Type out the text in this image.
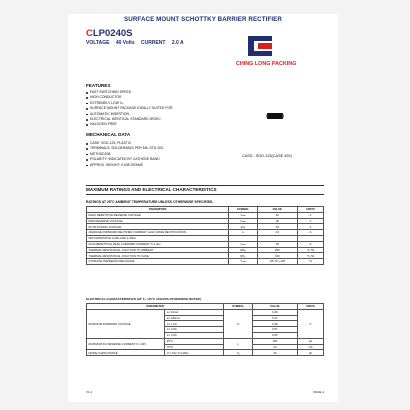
SURFACE MOUNT SCHOTTKY BARRIER RECTIFIER
CLP0240S
VOLTAGE 40 Volts CURRENT 2.0 A
CHING LONG PACKING
FEATURES
FAST SWITCHING SPEED
HIGH CONDUCTOR
EXTREMELY LOW Vₒ
SURFACE MOUNT PACKAGE IDEALLY SUITED FOR
AUTOMATIC INSERTION
ELECTRICAL IDENTICAL STANDARD JEDEC
HALOGEN-FREE
MECHANICAL DATA
CASE: SOD-123, PLASTIC
TERMINALS: SOLDERABLE PER MIL-STD-202,
METHOD208
POLARITY: INDICATED BY CATHODE BAND
APPROX. WEIGHT: 0.008 GRAMS
CASD : SOD-123(CASE 425)
MAXIMUM RATINGS AND ELECTRICAL CHARACTERISTICS
RATINGS AT 25°C AMBIENT TEMPERATURE UNLESS OTHERWISE SPECIFIED.
PARAMETER	SYMBOL	VALUE	UNITS
PEAK REPETITIVE REVERSE VOLTAGE	Vᵣᵣₘ	40	V
RMS REVERSE VOLTAGE	Vᵣₘₛ	28	V
DC BLOCKING VOLTAGE	Vᴅᴄ	40	V
AVERAGE FORWARD RECTIFIED CURRENT, HALF WAVE RECTIFICATION	Iₒ	2.0	A
WITH RESISTIVE LOAD AND fₑ 60Hz			
NON-REPETITIVE PEAK FORWARD CURRENT T=1.0μs	Iₔₛₘ	25	A
THERMAL RESISTANCE, JUNCTION TO AMBIENT	Rθⱼₐ	250	°C /W
THERMAL RESISTANCE, JUNCTION TO CASE	Rθⱼ꜀	150	°C /W
STORAGE TEMPERATURE RANGE	Tₛₜₘ	-65 TO +125	°C
ELECTRICAL CHARACTERISTICS (AT Tₐ =25°C UNLESS OTHERWISE NOTED)
PARAMETER		SYMBOL	VALUE	UNITS
MAXIMUM FORWARD VOLTAGE	Iₒ= 10mA	Vₒ	0.26	V
	Iₒ= 150mA		0.37	
	Iₒ= 1.0A		0.48	
	Iₒ= 2.0A		0.57	
	Iₒ= 3.0A		0.65	
MAXIMUM DC REVERSE CURRENT Vᵣ= 40V	25°C	Iᵣ	150	μA
	75°C		4.0	mA
DIODE CAPACITANCE	Vᵣ= 10V, f=1 MHz	Cⱼ	40	pF
V1.2	PAGE.1
